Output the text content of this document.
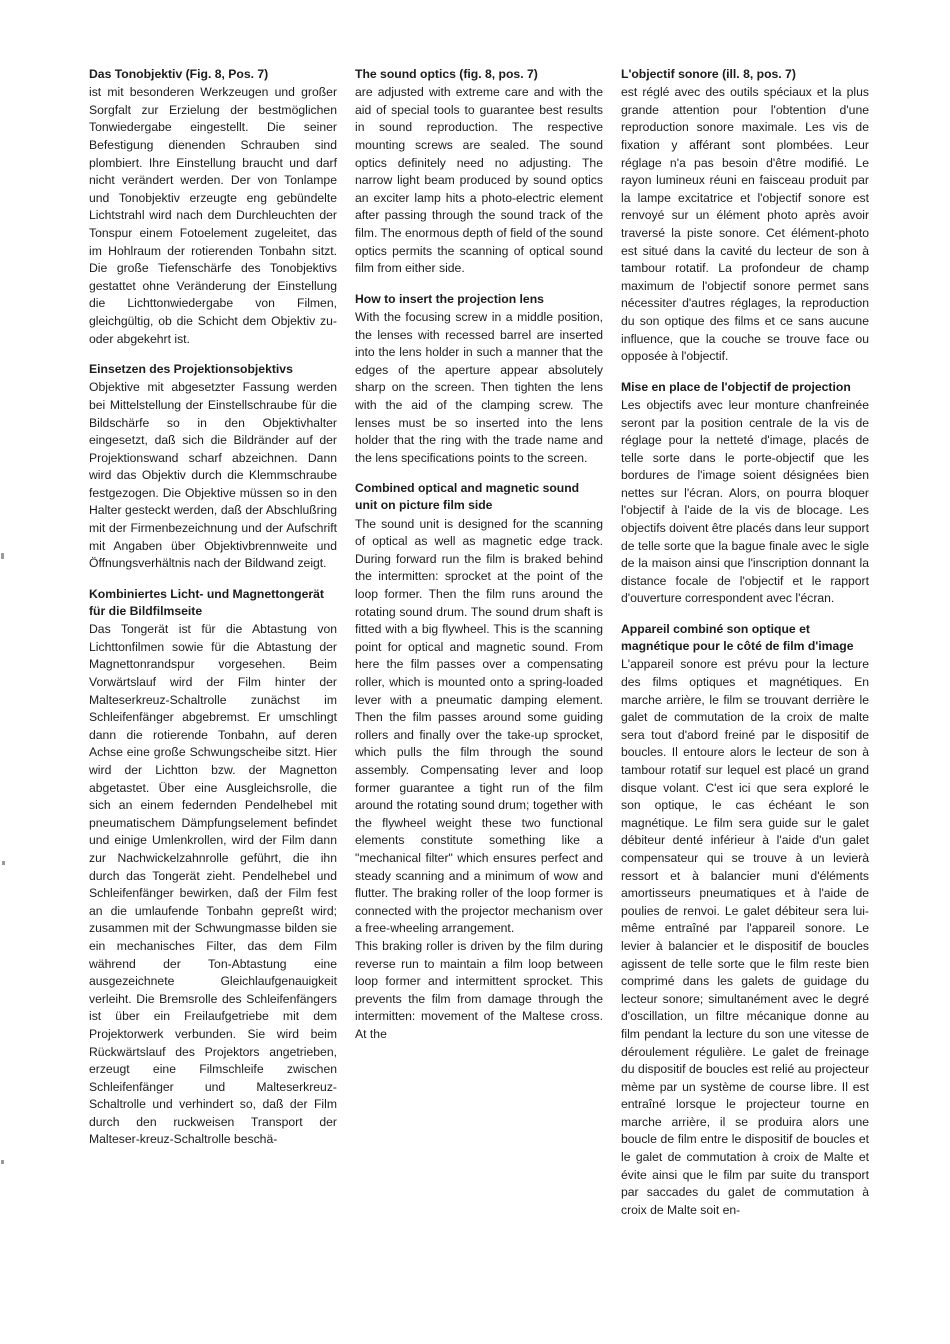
Das Tonobjektiv (Fig. 8, Pos. 7)

ist mit besonderen Werkzeugen und großer Sorgfalt zur Erzielung der bestmöglichen Tonwiedergabe eingestellt. Die seiner Befestigung dienenden Schrauben sind plombiert. Ihre Einstellung braucht und darf nicht verändert werden. Der von Tonlampe und Tonobjektiv erzeugte eng gebündelte Lichtstrahl wird nach dem Durchleuchten der Tonspur einem Fotoelement zugeleitet, das im Hohlraum der rotierenden Tonbahn sitzt. Die große Tiefenschärfe des Tonobjektivs gestattet ohne Veränderung der Einstellung die Lichttonwiedergabe von Filmen, gleichgültig, ob die Schicht dem Objektiv zu- oder abgekehrt ist.

Einsetzen des Projektionsobjektivs

Objektive mit abgesetzter Fassung werden bei Mittelstellung der Einstellschraube für die Bildschärfe so in den Objektivhalter eingesetzt, daß sich die Bildränder auf der Projektionswand scharf abzeichnen. Dann wird das Objektiv durch die Klemmschraube festgezogen. Die Objektive müssen so in den Halter gesteckt werden, daß der Abschlußring mit der Firmenbezeichnung und der Aufschrift mit Angaben über Objektivbrennweite und Öffnungsverhältnis nach der Bildwand zeigt.

Kombiniertes Licht- und Magnettongerät für die Bildfilmseite

Das Tongerät ist für die Abtastung von Lichttonfilmen sowie für die Abtastung der Magnettonrandspur vorgesehen. Beim Vorwärtslauf wird der Film hinter der Malteserkreuz-Schaltrolle zunächst im Schleifenfänger abgebremst. Er umschlingt dann die rotierende Tonbahn, auf deren Achse eine große Schwungscheibe sitzt. Hier wird der Lichtton bzw. der Magnetton abgetastet. Über eine Ausgleichsrolle, die sich an einem federnden Pendelhebel mit pneumatischem Dämpfungselement befindet und einige Umlenkrollen, wird der Film dann zur Nachwickelzahnrolle geführt, die ihn durch das Tongerät zieht. Pendelhebel und Schleifenfänger bewirken, daß der Film fest an die umlaufende Tonbahn gepreßt wird; zusammen mit der Schwungmasse bilden sie ein mechanisches Filter, das dem Film während der Ton-Abtastung eine ausgezeichnete Gleichlaufgenauigkeit verleiht. Die Bremsrolle des Schleifenfängers ist über ein Freilaufgetriebe mit dem Projektorwerk verbunden. Sie wird beim Rückwärtslauf des Projektors angetrieben, erzeugt eine Filmschleife zwischen Schleifenfänger und Malteserkreuz-Schaltrolle und verhindert so, daß der Film durch den ruckweisen Transport der Malteser-kreuz-Schaltrolle beschä-

The sound optics (fig. 8, pos. 7)

are adjusted with extreme care and with the aid of special tools to guarantee best results in sound reproduction. The respective mounting screws are sealed. The sound optics definitely need no adjusting. The narrow light beam produced by sound optics an exciter lamp hits a photo-electric element after passing through the sound track of the film. The enormous depth of field of the sound optics permits the scanning of optical sound film from either side.

How to insert the projection lens

With the focusing screw in a middle position, the lenses with recessed barrel are inserted into the lens holder in such a manner that the edges of the aperture appear absolutely sharp on the screen. Then tighten the lens with the aid of the clamping screw. The lenses must be so inserted into the lens holder that the ring with the trade name and the lens specifications points to the screen.

Combined optical and magnetic sound unit on picture film side

The sound unit is designed for the scanning of optical as well as magnetic edge track. During forward run the film is braked behind the intermitten: sprocket at the point of the loop former. Then the film runs around the rotating sound drum. The sound drum shaft is fitted with a big flywheel. This is the scanning point for optical and magnetic sound. From here the film passes over a compensating roller, which is mounted onto a spring-loaded lever with a pneumatic damping element. Then the film passes around some guiding rollers and finally over the take-up sprocket, which pulls the film through the sound assembly. Compensating lever and loop former guarantee a tight run of the film around the rotating sound drum; together with the flywheel weight these two functional elements constitute something like a "mechanical filter" which ensures perfect and steady scanning and a minimum of wow and flutter. The braking roller of the loop former is connected with the projector mechanism over a free-wheeling arrangement.

This braking roller is driven by the film during reverse run to maintain a film loop between loop former and intermittent sprocket. This prevents the film from damage through the intermitten: movement of the Maltese cross. At the

L'objectif sonore (ill. 8, pos. 7)

est réglé avec des outils spéciaux et la plus grande attention pour l'obtention d'une reproduction sonore maximale. Les vis de fixation y afférant sont plombées. Leur réglage n'a pas besoin d'être modifié. Le rayon lumineux réuni en faisceau produit par la lampe excitatrice et l'objectif sonore est renvoyé sur un élément photo après avoir traversé la piste sonore. Cet élément-photo est situé dans la cavité du lecteur de son à tambour rotatif. La profondeur de champ maximum de l'objectif sonore permet sans nécessiter d'autres réglages, la reproduction du son optique des films et ce sans aucune influence, que la couche se trouve face ou opposée à l'objectif.

Mise en place de l'objectif de projection

Les objectifs avec leur monture chanfreinée seront par la position centrale de la vis de réglage pour la netteté d'image, placés de telle sorte dans le porte-objectif que les bordures de l'image soient désignées bien nettes sur l'écran. Alors, on pourra bloquer l'objectif à l'aide de la vis de blocage. Les objectifs doivent être placés dans leur support de telle sorte que la bague finale avec le sigle de la maison ainsi que l'inscription donnant la distance focale de l'objectif et le rapport d'ouverture correspondent avec l'écran.

Appareil combiné son optique et magnétique pour le côté de film d'image

L'appareil sonore est prévu pour la lecture des films optiques et magnétiques. En marche arrière, le film se trouvant derrière le galet de commutation de la croix de malte sera tout d'abord freiné par le dispositif de boucles. Il entoure alors le lecteur de son à tambour rotatif sur lequel est placé un grand disque volant. C'est ici que sera exploré le son optique, le cas échéant le son magnétique. Le film sera guide sur le galet débiteur denté inférieur à l'aide d'un galet compensateur qui se trouve à un levierà ressort et à balancier muni d'éléments amortisseurs pneumatiques et à l'aide de poulies de renvoi. Le galet débiteur sera lui-même entraîné par l'appareil sonore. Le levier à balancier et le dispositif de boucles agissent de telle sorte que le film reste bien comprimé dans les galets de guidage du lecteur sonore; simultanément avec le degré d'oscillation, un filtre mécanique donne au film pendant la lecture du son une vitesse de déroulement régulière. Le galet de freinage du dispositif de boucles est relié au projecteur mème par un système de course libre. Il est entraîné lorsque le projecteur tourne en marche arrière, il se produira alors une boucle de film entre le dispositif de boucles et le galet de commutation à croix de Malte et évite ainsi que le film par suite du transport par saccades du galet de commutation à croix de Malte soit en-
